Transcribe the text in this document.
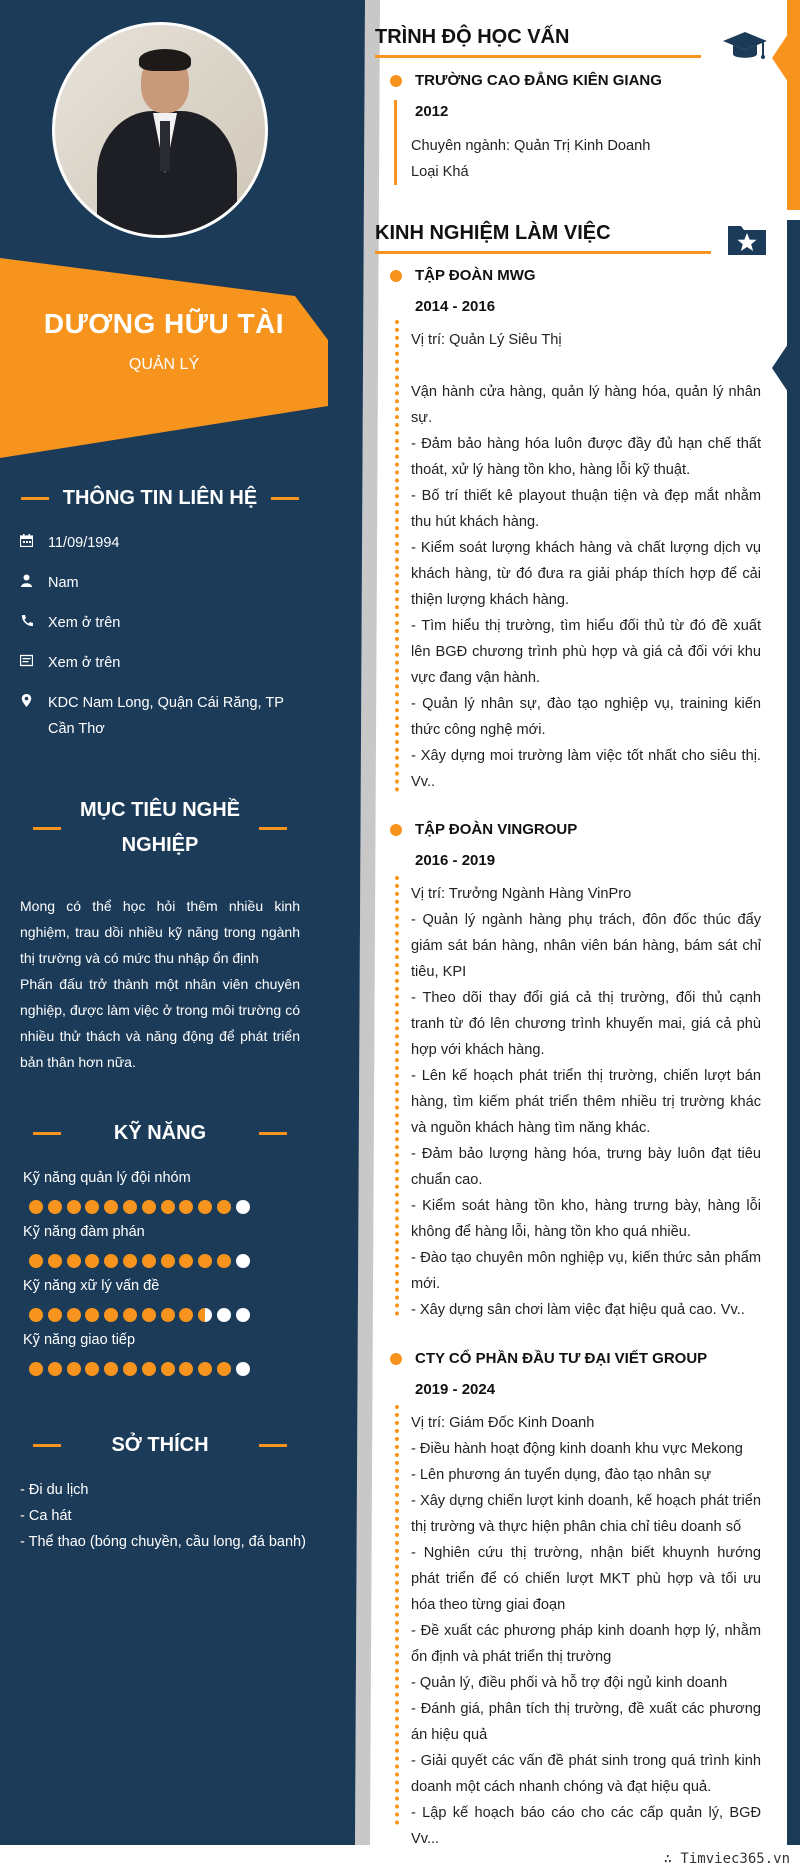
DƯƠNG HỮU TÀI
QUẢN LÝ
THÔNG TIN LIÊN HỆ
11/09/1994
Nam
Xem ở trên
Xem ở trên
KDC Nam Long, Quận Cái Răng, TP Cần Thơ
MỤC TIÊU NGHỀ NGHIỆP
Mong có thể học hỏi thêm nhiều kinh nghiệm, trau dồi nhiều kỹ năng trong ngành thị trường và có mức thu nhập ổn định
Phấn đấu trở thành một nhân viên chuyên nghiệp, được làm việc ở trong môi trường có nhiều thử thách và năng động để phát triển bản thân hơn nữa.
KỸ NĂNG
Kỹ năng quản lý đội nhóm
Kỹ năng đàm phán
Kỹ năng xữ lý vấn đề
Kỹ năng giao tiếp
SỞ THÍCH
- Đi du lịch
- Ca hát
- Thể thao (bóng chuyền, cầu long, đá banh)
TRÌNH ĐỘ HỌC VẤN
TRƯỜNG CAO ĐẲNG KIÊN GIANG
2012
Chuyên ngành: Quản Trị Kinh Doanh
Loại Khá
KINH NGHIỆM LÀM VIỆC
TẬP ĐOÀN MWG
2014 - 2016
Vị trí: Quản Lý Siêu Thị
Vận hành cửa hàng, quản lý hàng hóa, quản lý nhân sự.
- Đảm bảo hàng hóa luôn được đầy đủ hạn chế thất thoát, xử lý hàng tồn kho, hàng lỗi kỹ thuật.
- Bố trí thiết kê playout thuận tiện và đẹp mắt nhằm thu hút khách hàng.
- Kiểm soát lượng khách hàng và chất lượng dịch vụ khách hàng, từ đó đưa ra giải pháp thích hợp để cải thiện lượng khách hàng.
- Tìm hiểu thị trường, tìm hiểu đối thủ từ đó đề xuất lên BGĐ chương trình phù hợp và giá cả đối với khu vực đang vận hành.
- Quản lý nhân sự, đào tạo nghiệp vụ, training kiến thức công nghệ mới.
- Xây dựng moi trường làm việc tốt nhất cho siêu thị. Vv..
TẬP ĐOÀN VINGROUP
2016 - 2019
Vị trí: Trưởng Ngành Hàng VinPro
- Quản lý ngành hàng phụ trách, đôn đốc thúc đẩy giám sát bán hàng, nhân viên bán hàng, bám sát chỉ tiêu, KPI
- Theo dõi thay đổi giá cả thị trường, đối thủ cạnh tranh từ đó lên chương trình khuyến mai, giá cả phù hợp với khách hàng.
- Lên kế hoạch phát triển thị trường, chiến lượt bán hàng, tìm kiếm phát triển thêm nhiều trị trường khác và nguồn khách hàng tìm năng khác.
- Đảm bảo lượng hàng hóa, trưng bày luôn đạt tiêu chuẩn cao.
- Kiểm soát hàng tồn kho, hàng trưng bày, hàng lỗi không để hàng lỗi, hàng tồn kho quá nhiều.
- Đào tạo chuyên môn nghiệp vụ, kiến thức sản phẩm mới.
- Xây dựng sân chơi làm việc đạt hiệu quả cao. Vv..
CTY CỔ PHẦN ĐẦU TƯ ĐẠI VIẾT GROUP
2019 - 2024
Vị trí: Giám Đốc Kinh Doanh
- Điều hành hoạt động kinh doanh khu vực Mekong
- Lên phương án tuyển dụng, đào tạo nhân sự
- Xây dựng chiến lượt kinh doanh, kế hoạch phát triển thị trường và thực hiện phân chia chỉ tiêu doanh số
- Nghiên cứu thị trường, nhận biết khuynh hướng phát triển để có chiến lượt MKT phù hợp và tối ưu hóa theo từng giai đoạn
- Đề xuất các phương pháp kinh doanh hợp lý, nhằm ổn định và phát triển thị trường
- Quản lý, điều phối và hỗ trợ đội ngủ kinh doanh
- Đánh giá, phân tích thị trường, đề xuất các phương án hiệu quả
- Giải quyết các vấn đề phát sinh trong quá trình kinh doanh một cách nhanh chóng và đạt hiệu quả.
- Lập kế hoạch báo cáo cho các cấp quản lý, BGĐ Vv...
∴ Timviec365.vn
